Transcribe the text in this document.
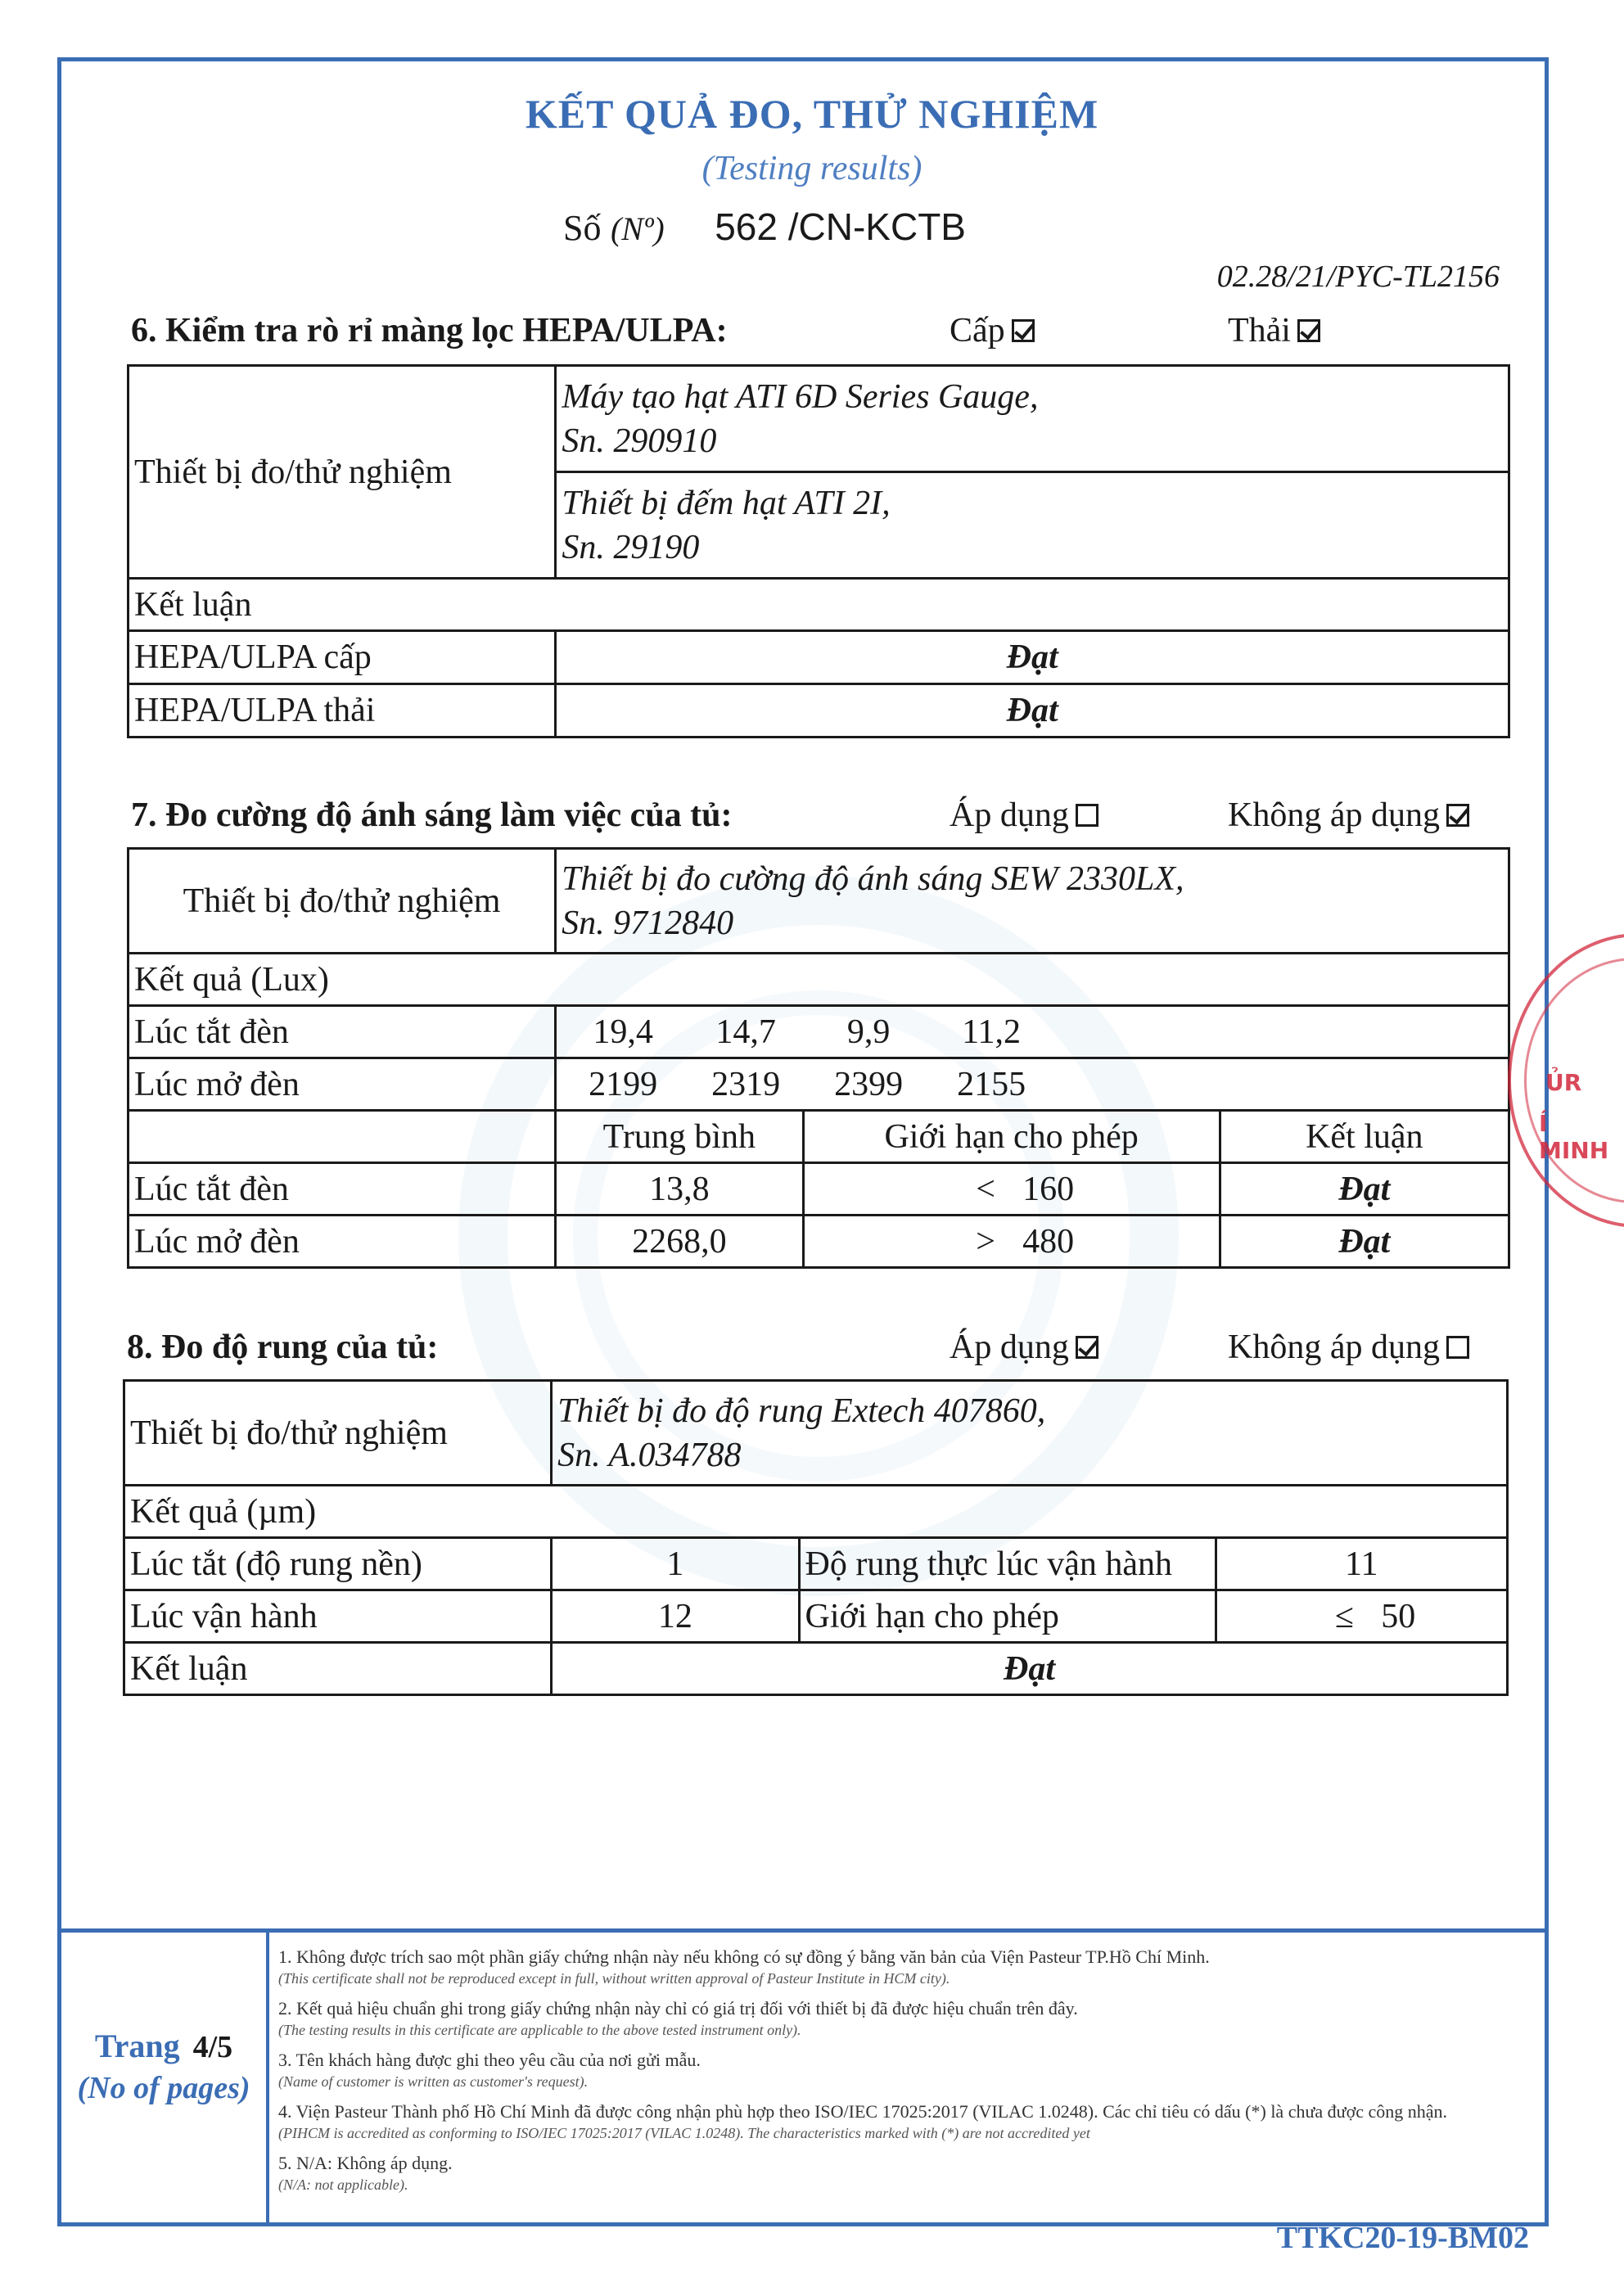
KẾT QUẢ ĐO, THỬ NGHIỆM
(Testing results)
Số (Nº) 562 /CN-KCTB
02.28/21/PYC-TL2156
6. Kiểm tra rò rỉ màng lọc HEPA/ULPA:	Cấp	Thải
Thiết bị đo/thử nghiệm	Máy tạo hạt ATI 6D Series Gauge,
Sn. 290910

	Thiết bị đếm hạt ATI 2I,
Sn. 29190

Kết luận	
HEPA/ULPA cấp	Đạt
HEPA/ULPA thải	Đạt
7. Đo cường độ ánh sáng làm việc của tủ:	Áp dụng	Không áp dụng
Thiết bị đo/thử nghiệm	Thiết bị đo cường độ ánh sáng SEW 2330LX,
Sn. 9712840		

Kết quả (Lux)			
Lúc tắt đèn	19,4 14,7 9,9 11,2		
Lúc mở đèn	2199 2319 2399 2155		
	Trung bình	Giới hạn cho phép	Kết luận
Lúc tắt đèn	13,8	< 160	Đạt
Lúc mở đèn	2268,0	> 480	Đạt
8. Đo độ rung của tủ:	Áp dụng	Không áp dụng
Thiết bị đo/thử nghiệm	Thiết bị đo độ rung Extech 407860,
Sn. A.034788		

Kết quả (µm)			
Lúc tắt (độ rung nền)	1	Độ rung thực lúc vận hành	11
Lúc vận hành	12	Giới hạn cho phép	≤ 50
Kết luận	Đạt		
ỦR
Í MINH
Trang 4/5
(No of pages)
1. Không được trích sao một phần giấy chứng nhận này nếu không có sự đồng ý bằng văn bản của Viện Pasteur TP.Hồ Chí Minh.
(This certificate shall not be reproduced except in full, without written approval of Pasteur Institute in HCM city).
2. Kết quả hiệu chuẩn ghi trong giấy chứng nhận này chỉ có giá trị đối với thiết bị đã được hiệu chuẩn trên đây.
(The testing results in this certificate are applicable to the above tested instrument only).
3. Tên khách hàng được ghi theo yêu cầu của nơi gửi mẫu.
(Name of customer is written as customer's request).
4. Viện Pasteur Thành phố Hồ Chí Minh đã được công nhận phù hợp theo ISO/IEC 17025:2017 (VILAC 1.0248). Các chỉ tiêu có dấu (*) là chưa được công nhận.
(PIHCM is accredited as conforming to ISO/IEC 17025:2017 (VILAC 1.0248). The characteristics marked with (*) are not accredited yet
5. N/A: Không áp dụng.
(N/A: not applicable).
TTKC20-19-BM02
